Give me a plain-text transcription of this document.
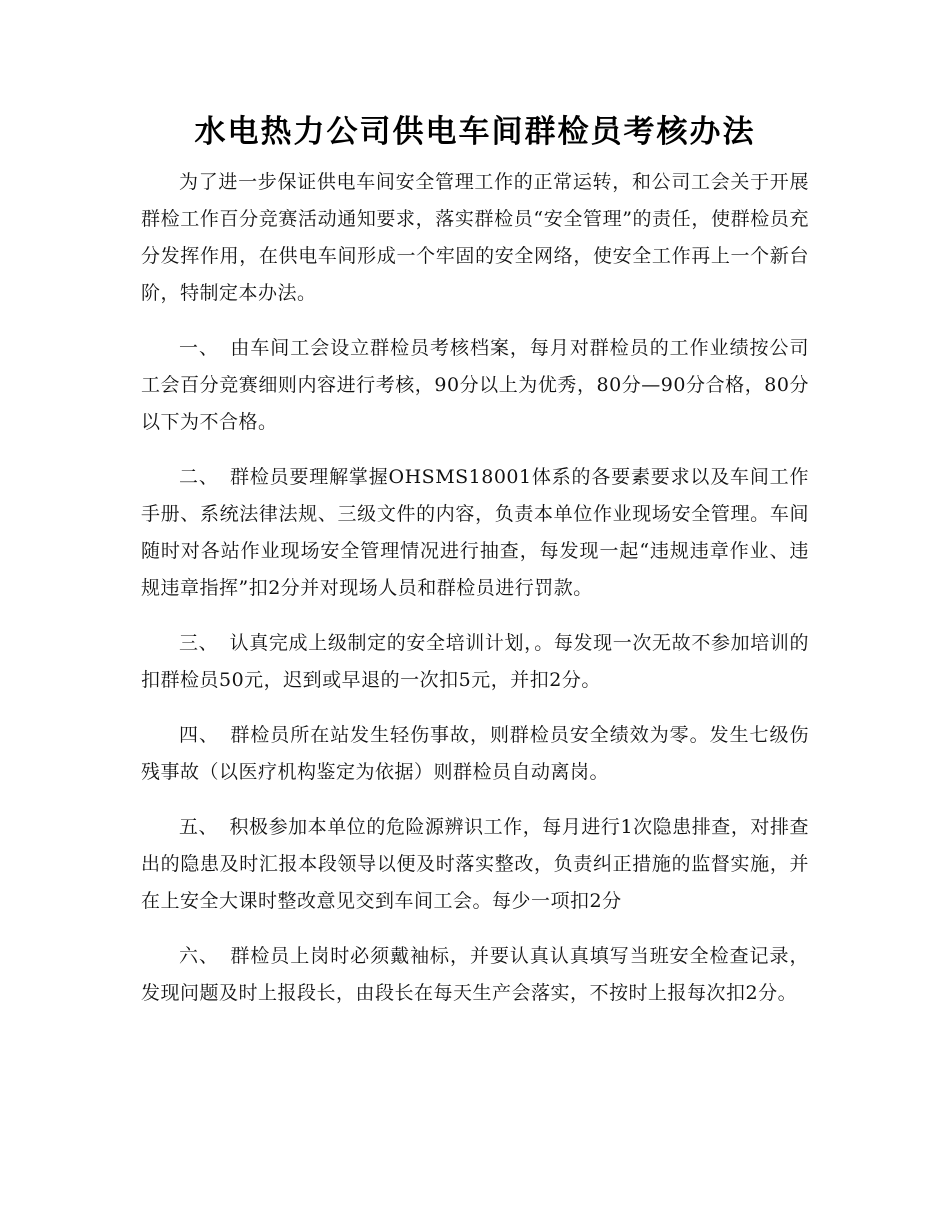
水电热力公司供电车间群检员考核办法

为了进一步保证供电车间安全管理工作的正常运转，和公司工会关于开展群检工作百分竞赛活动通知要求，落实群检员“安全管理”的责任，使群检员充分发挥作用，在供电车间形成一个牢固的安全网络，使安全工作再上一个新台阶，特制定本办法。

一、 由车间工会设立群检员考核档案，每月对群检员的工作业绩按公司工会百分竞赛细则内容进行考核，90分以上为优秀，80分—90分合格，80分以下为不合格。

二、 群检员要理解掌握OHSMS18001体系的各要素要求以及车间工作手册、系统法律法规、三级文件的内容，负责本单位作业现场安全管理。车间随时对各站作业现场安全管理情况进行抽查，每发现一起“违规违章作业、违规违章指挥”扣2分并对现场人员和群检员进行罚款。

三、 认真完成上级制定的安全培训计划，。每发现一次无故不参加培训的扣群检员50元，迟到或早退的一次扣5元，并扣2分。

四、 群检员所在站发生轻伤事故，则群检员安全绩效为零。发生七级伤残事故（以医疗机构鉴定为依据）则群检员自动离岗。

五、 积极参加本单位的危险源辨识工作，每月进行1次隐患排查，对排查出的隐患及时汇报本段领导以便及时落实整改，负责纠正措施的监督实施，并在上安全大课时整改意见交到车间工会。每少一项扣2分

六、 群检员上岗时必须戴袖标，并要认真认真填写当班安全检查记录，发现问题及时上报段长，由段长在每天生产会落实，不按时上报每次扣2分。
